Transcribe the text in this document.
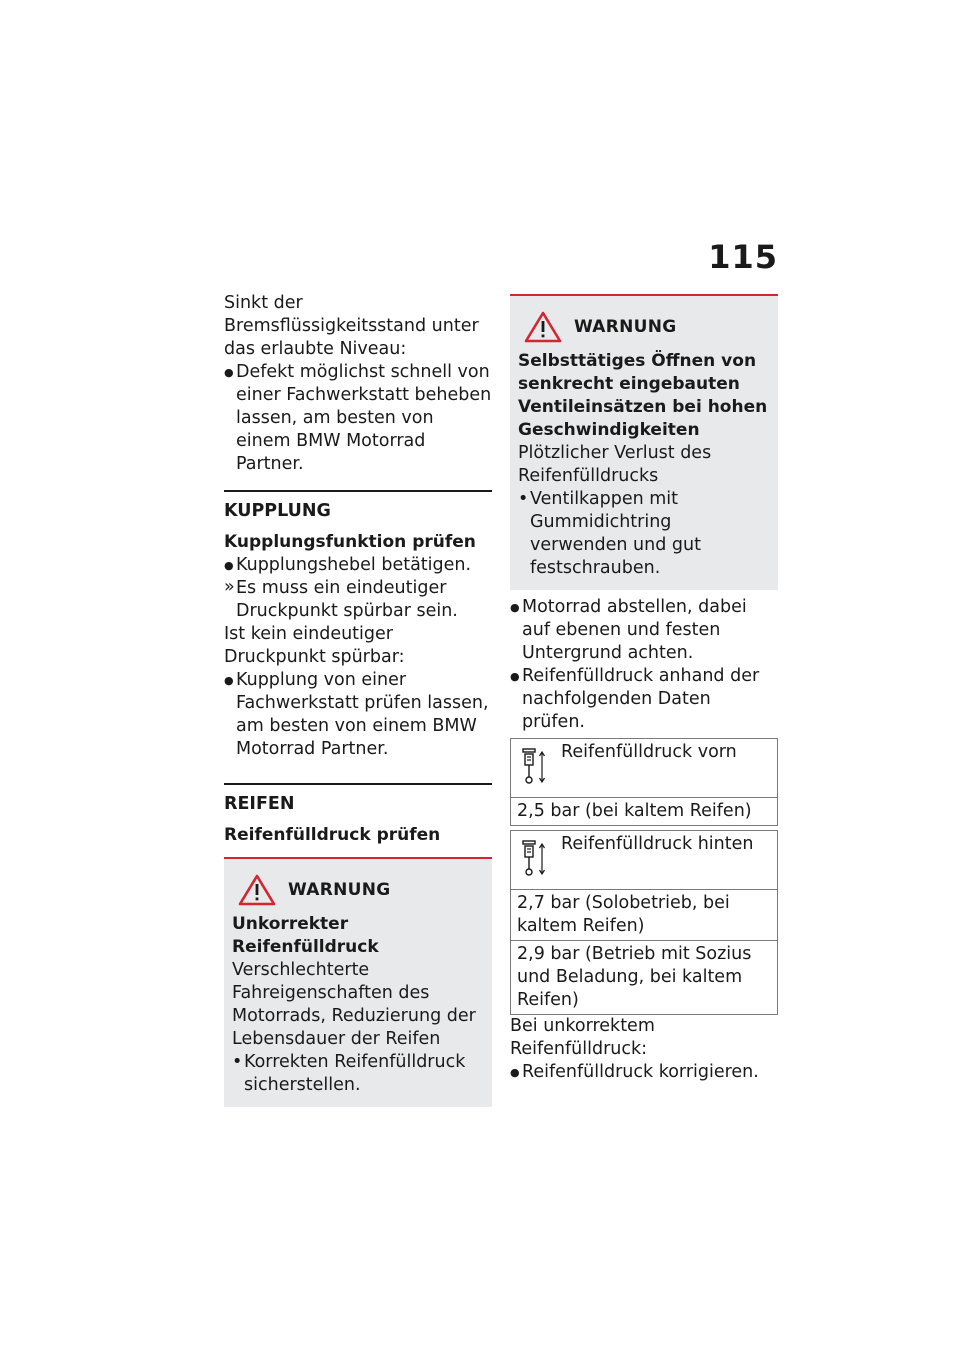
115

Sinkt der Bremsflüssigkeitsstand unter das erlaubte Niveau:

● Defekt möglichst schnell von einer Fachwerkstatt beheben lassen, am besten von einem BMW Motorrad Partner.
KUPPLUNG
Kupplungsfunktion prüfen
● Kupplungshebel betätigen.
» Es muss ein eindeutiger Druckpunkt spürbar sein.

Ist kein eindeutiger Druckpunkt spürbar:

● Kupplung von einer Fachwerkstatt prüfen lassen, am besten von einem BMW Motorrad Partner.
REIFEN
Reifenfülldruck prüfen
WARNUNG
Unkorrekter Reifenfülldruck

Verschlechterte Fahreigenschaften des Motorrads, Reduzierung der Lebensdauer der Reifen

• Korrekten Reifenfülldruck sicherstellen.
WARNUNG
Selbsttätiges Öffnen von senkrecht eingebauten Ventileinsätzen bei hohen Geschwindigkeiten

Plötzlicher Verlust des Reifenfülldrucks

• Ventilkappen mit Gummidichtring verwenden und gut festschrauben.
● Motorrad abstellen, dabei auf ebenen und festen Untergrund achten.
● Reifenfülldruck anhand der nachfolgenden Daten prüfen.
Reifenfülldruck vorn

2,5 bar (bei kaltem Reifen)
Reifenfülldruck hinten

2,7 bar (Solobetrieb, bei kaltem Reifen)
2,9 bar (Betrieb mit Sozius und Beladung, bei kaltem Reifen)

Bei unkorrektem Reifenfülldruck:

● Reifenfülldruck korrigieren.
